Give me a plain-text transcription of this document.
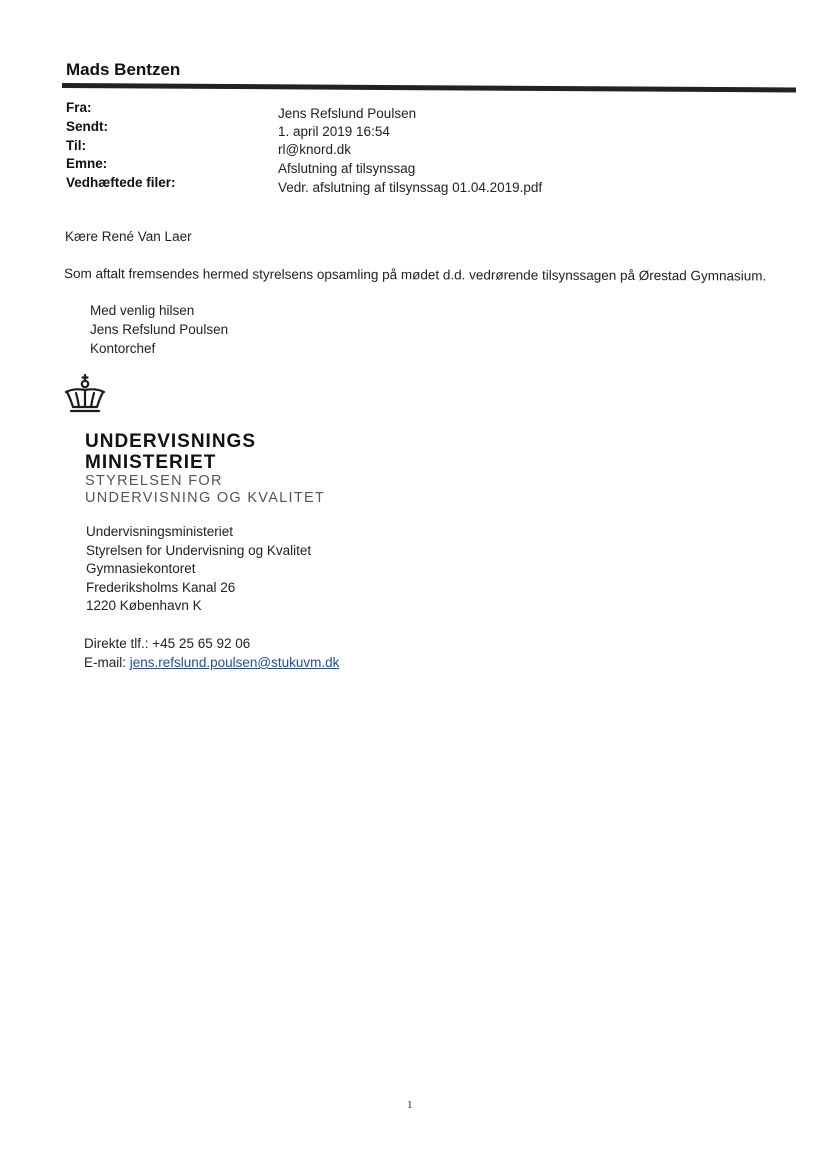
Mads Bentzen
Fra:	Jens Refslund Poulsen
Sendt:	1. april 2019 16:54
Til:	rl@knord.dk
Emne:	Afslutning af tilsynssag
Vedhæftede filer:	Vedr. afslutning af tilsynssag 01.04.2019.pdf
Kære René Van Laer
Som aftalt fremsendes hermed styrelsens opsamling på mødet d.d. vedrørende tilsynssagen på Ørestad Gymnasium.
Med venlig hilsen
Jens Refslund Poulsen
Kontorchef
UNDERVISNINGS
MINISTERIET
STYRELSEN FOR
UNDERVISNING OG KVALITET
Undervisningsministeriet
Styrelsen for Undervisning og Kvalitet
Gymnasiekontoret
Frederiksholms Kanal 26
1220 København K
Direkte tlf.: +45 25 65 92 06
E-mail: jens.refslund.poulsen@stukuvm.dk
1
